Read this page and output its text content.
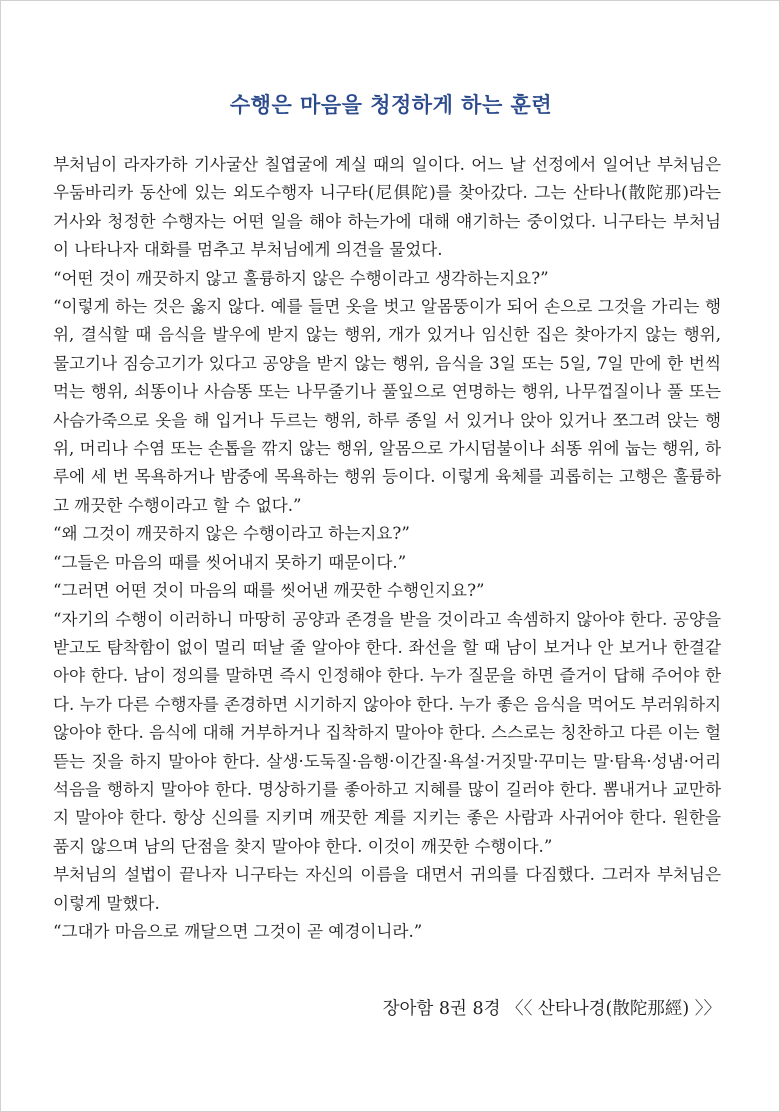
수행은 마음을 청정하게 하는 훈련

부처님이 라자가하 기사굴산 칠엽굴에 계실 때의 일이다. 어느 날 선정에서 일어난 부처님은 우둠바리카 동산에 있는 외도수행자 니구타(尼俱陀)를 찾아갔다. 그는 산타나(散陀那)라는 거사와 청정한 수행자는 어떤 일을 해야 하는가에 대해 얘기하는 중이었다. 니구타는 부처님이 나타나자 대화를 멈추고 부처님에게 의견을 물었다.

“어떤 것이 깨끗하지 않고 훌륭하지 않은 수행이라고 생각하는지요?”

“이렇게 하는 것은 옳지 않다. 예를 들면 옷을 벗고 알몸뚱이가 되어 손으로 그것을 가리는 행위, 결식할 때 음식을 발우에 받지 않는 행위, 개가 있거나 임신한 집은 찾아가지 않는 행위, 물고기나 짐승고기가 있다고 공양을 받지 않는 행위, 음식을 3일 또는 5일, 7일 만에 한 번씩 먹는 행위, 쇠똥이나 사슴똥 또는 나무줄기나 풀잎으로 연명하는 행위, 나무껍질이나 풀 또는 사슴가죽으로 옷을 해 입거나 두르는 행위, 하루 종일 서 있거나 앉아 있거나 쪼그려 앉는 행위, 머리나 수염 또는 손톱을 깎지 않는 행위, 알몸으로 가시덤불이나 쇠똥 위에 눕는 행위, 하루에 세 번 목욕하거나 밤중에 목욕하는 행위 등이다. 이렇게 육체를 괴롭히는 고행은 훌륭하고 깨끗한 수행이라고 할 수 없다.”

“왜 그것이 깨끗하지 않은 수행이라고 하는지요?”

“그들은 마음의 때를 씻어내지 못하기 때문이다.”

“그러면 어떤 것이 마음의 때를 씻어낸 깨끗한 수행인지요?”

“자기의 수행이 이러하니 마땅히 공양과 존경을 받을 것이라고 속셈하지 않아야 한다. 공양을 받고도 탐착함이 없이 멀리 떠날 줄 알아야 한다. 좌선을 할 때 남이 보거나 안 보거나 한결같아야 한다. 남이 정의를 말하면 즉시 인정해야 한다. 누가 질문을 하면 즐거이 답해 주어야 한다. 누가 다른 수행자를 존경하면 시기하지 않아야 한다. 누가 좋은 음식을 먹어도 부러워하지 않아야 한다. 음식에 대해 거부하거나 집착하지 말아야 한다. 스스로는 칭찬하고 다른 이는 헐뜯는 짓을 하지 말아야 한다. 살생·도둑질·음행·이간질·욕설·거짓말·꾸미는 말·탐욕·성냄·어리석음을 행하지 말아야 한다. 명상하기를 좋아하고 지혜를 많이 길러야 한다. 뽐내거나 교만하지 말아야 한다. 항상 신의를 지키며 깨끗한 계를 지키는 좋은 사람과 사귀어야 한다. 원한을 품지 않으며 남의 단점을 찾지 말아야 한다. 이것이 깨끗한 수행이다.”

부처님의 설법이 끝나자 니구타는 자신의 이름을 대면서 귀의를 다짐했다. 그러자 부처님은 이렇게 말했다.

“그대가 마음으로 깨달으면 그것이 곧 예경이니라.”

장아함 8권 8경 〈〈 산타나경(散陀那經) 〉〉
